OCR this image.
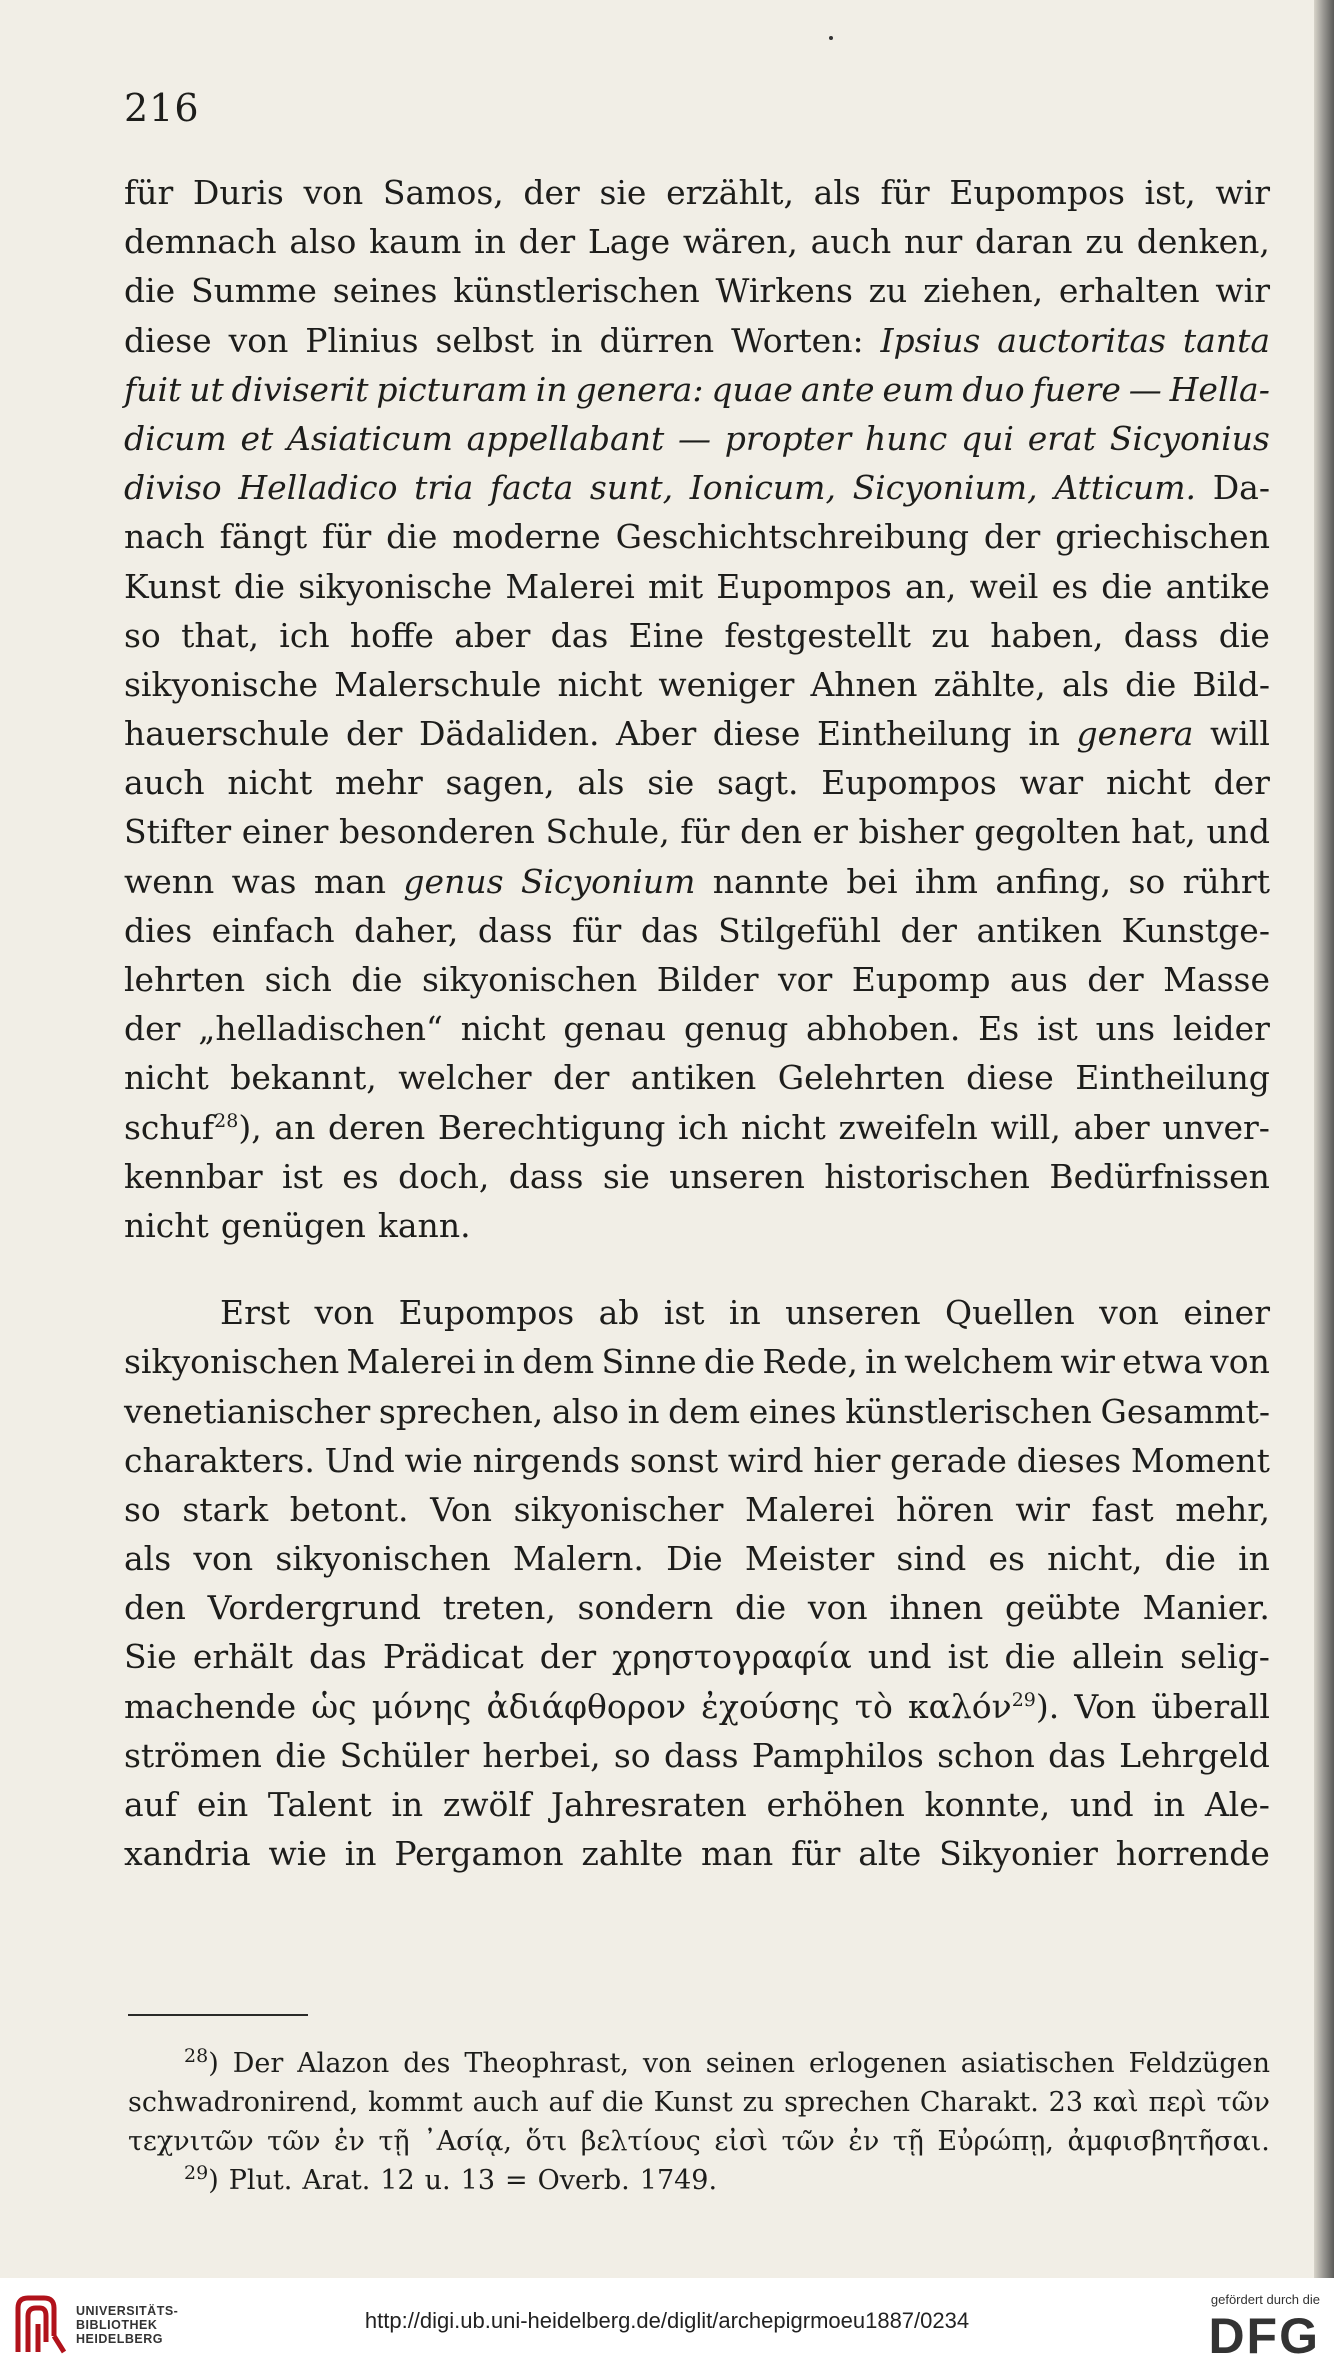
216
für Duris von Samos, der sie erzählt, als für Eupompos ist, wir
demnach also kaum in der Lage wären, auch nur daran zu denken,
die Summe seines künstlerischen Wirkens zu ziehen, erhalten wir
diese von Plinius selbst in dürren Worten: Ipsius auctoritas tanta
fuit ut diviserit picturam in genera: quae ante eum duo fuere — Hella-
dicum et Asiaticum appellabant — propter hunc qui erat Sicyonius
diviso Helladico tria facta sunt, Ionicum, Sicyonium, Atticum. Da-
nach fängt für die moderne Geschichtschreibung der griechischen
Kunst die sikyonische Malerei mit Eupompos an, weil es die antike
so that, ich hoffe aber das Eine festgestellt zu haben, dass die
sikyonische Malerschule nicht weniger Ahnen zählte, als die Bild-
hauerschule der Dädaliden. Aber diese Eintheilung in genera will
auch nicht mehr sagen, als sie sagt. Eupompos war nicht der
Stifter einer besonderen Schule, für den er bisher gegolten hat, und
wenn was man genus Sicyonium nannte bei ihm anfing, so rührt
dies einfach daher, dass für das Stilgefühl der antiken Kunstge-
lehrten sich die sikyonischen Bilder vor Eupomp aus der Masse
der „helladischen“ nicht genau genug abhoben. Es ist uns leider
nicht bekannt, welcher der antiken Gelehrten diese Eintheilung
schuf$^{28}$), an deren Berechtigung ich nicht zweifeln will, aber unver-
kennbar ist es doch, dass sie unseren historischen Bedürfnissen
nicht genügen kann.
Erst von Eupompos ab ist in unseren Quellen von einer
sikyonischen Malerei in dem Sinne die Rede, in welchem wir etwa von
venetianischer sprechen, also in dem eines künstlerischen Gesammt-
charakters. Und wie nirgends sonst wird hier gerade dieses Moment
so stark betont. Von sikyonischer Malerei hören wir fast mehr,
als von sikyonischen Malern. Die Meister sind es nicht, die in
den Vordergrund treten, sondern die von ihnen geübte Manier.
Sie erhält das Prädicat der χρηστογραφία und ist die allein selig-
machende ὡς μόνης ἀδιάφθορον ἐχούσης τὸ καλόν$^{29}$). Von überall
strömen die Schüler herbei, so dass Pamphilos schon das Lehrgeld
auf ein Talent in zwölf Jahresraten erhöhen konnte, und in Ale-
xandria wie in Pergamon zahlte man für alte Sikyonier horrende
$^{28}$) Der Alazon des Theophrast, von seinen erlogenen asiatischen Feldzügen
schwadronirend, kommt auch auf die Kunst zu sprechen Charakt. 23 καὶ περὶ τῶν
τεχνιτῶν τῶν ἐν τῇ ᾽Ασίᾳ, ὅτι βελτίους εἰσὶ τῶν ἐν τῇ Εὐρώπῃ, ἀμφισβητῆσαι.
$^{29}$) Plut. Arat. 12 u. 13 = Overb. 1749.
UNIVERSITÄTS-
BIBLIOTHEK
HEIDELBERG
http://digi.ub.uni-heidelberg.de/diglit/archepigrmoeu1887/0234
gefördert durch die
DFG
